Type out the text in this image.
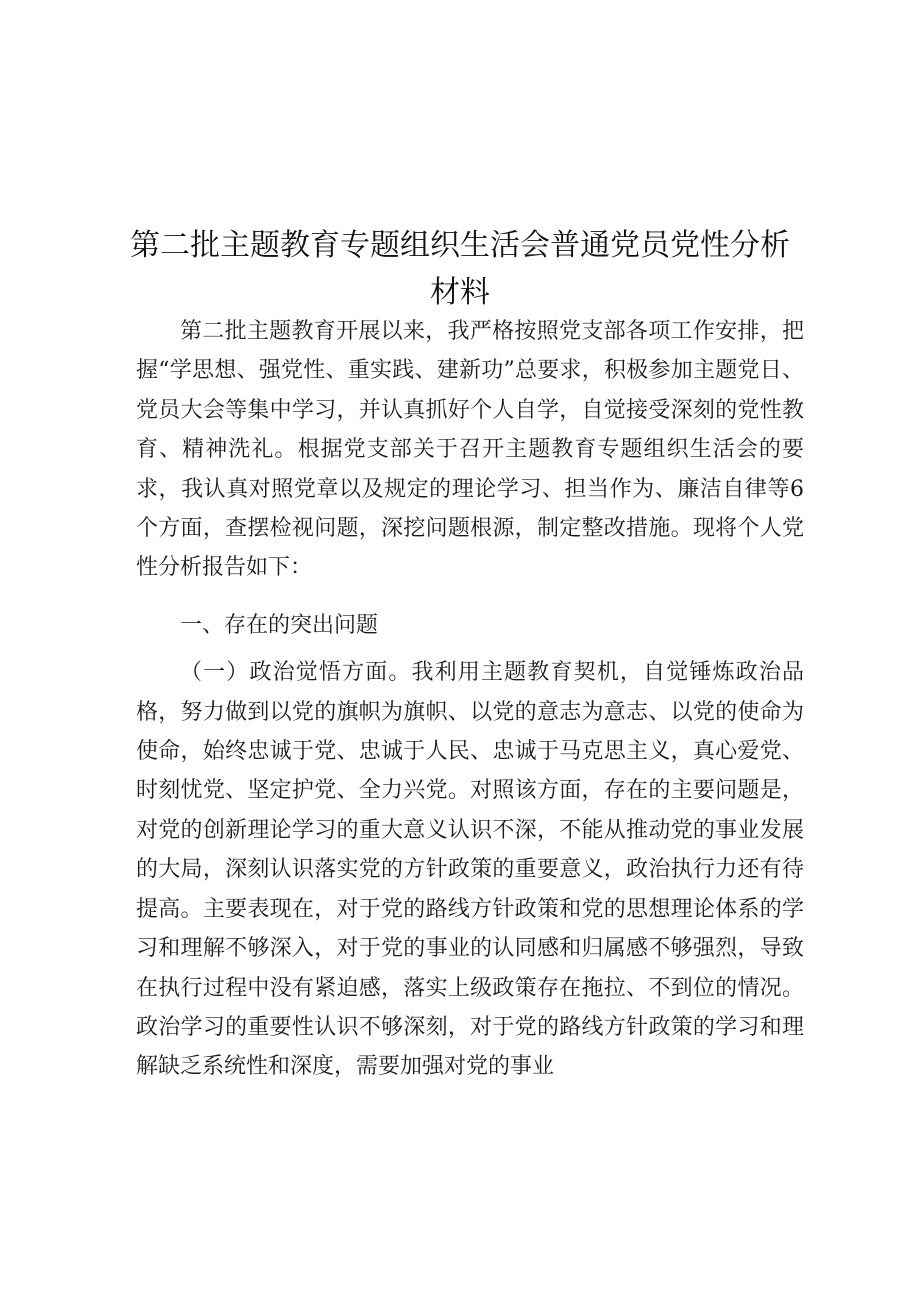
第二批主题教育专题组织生活会普通党员党性分析材料

第二批主题教育开展以来，我严格按照党支部各项工作安排，把握“学思想、强党性、重实践、建新功”总要求，积极参加主题党日、党员大会等集中学习，并认真抓好个人自学，自觉接受深刻的党性教育、精神洗礼。根据党支部关于召开主题教育专题组织生活会的要求，我认真对照党章以及规定的理论学习、担当作为、廉洁自律等6个方面，查摆检视问题，深挖问题根源，制定整改措施。现将个人党性分析报告如下：

一、存在的突出问题

（一）政治觉悟方面。我利用主题教育契机，自觉锤炼政治品格，努力做到以党的旗帜为旗帜、以党的意志为意志、以党的使命为使命，始终忠诚于党、忠诚于人民、忠诚于马克思主义，真心爱党、时刻忧党、坚定护党、全力兴党。对照该方面，存在的主要问题是，对党的创新理论学习的重大意义认识不深，不能从推动党的事业发展的大局，深刻认识落实党的方针政策的重要意义，政治执行力还有待提高。主要表现在，对于党的路线方针政策和党的思想理论体系的学习和理解不够深入，对于党的事业的认同感和归属感不够强烈，导致在执行过程中没有紧迫感，落实上级政策存在拖拉、不到位的情况。政治学习的重要性认识不够深刻，对于党的路线方针政策的学习和理解缺乏系统性和深度，需要加强对党的事业
